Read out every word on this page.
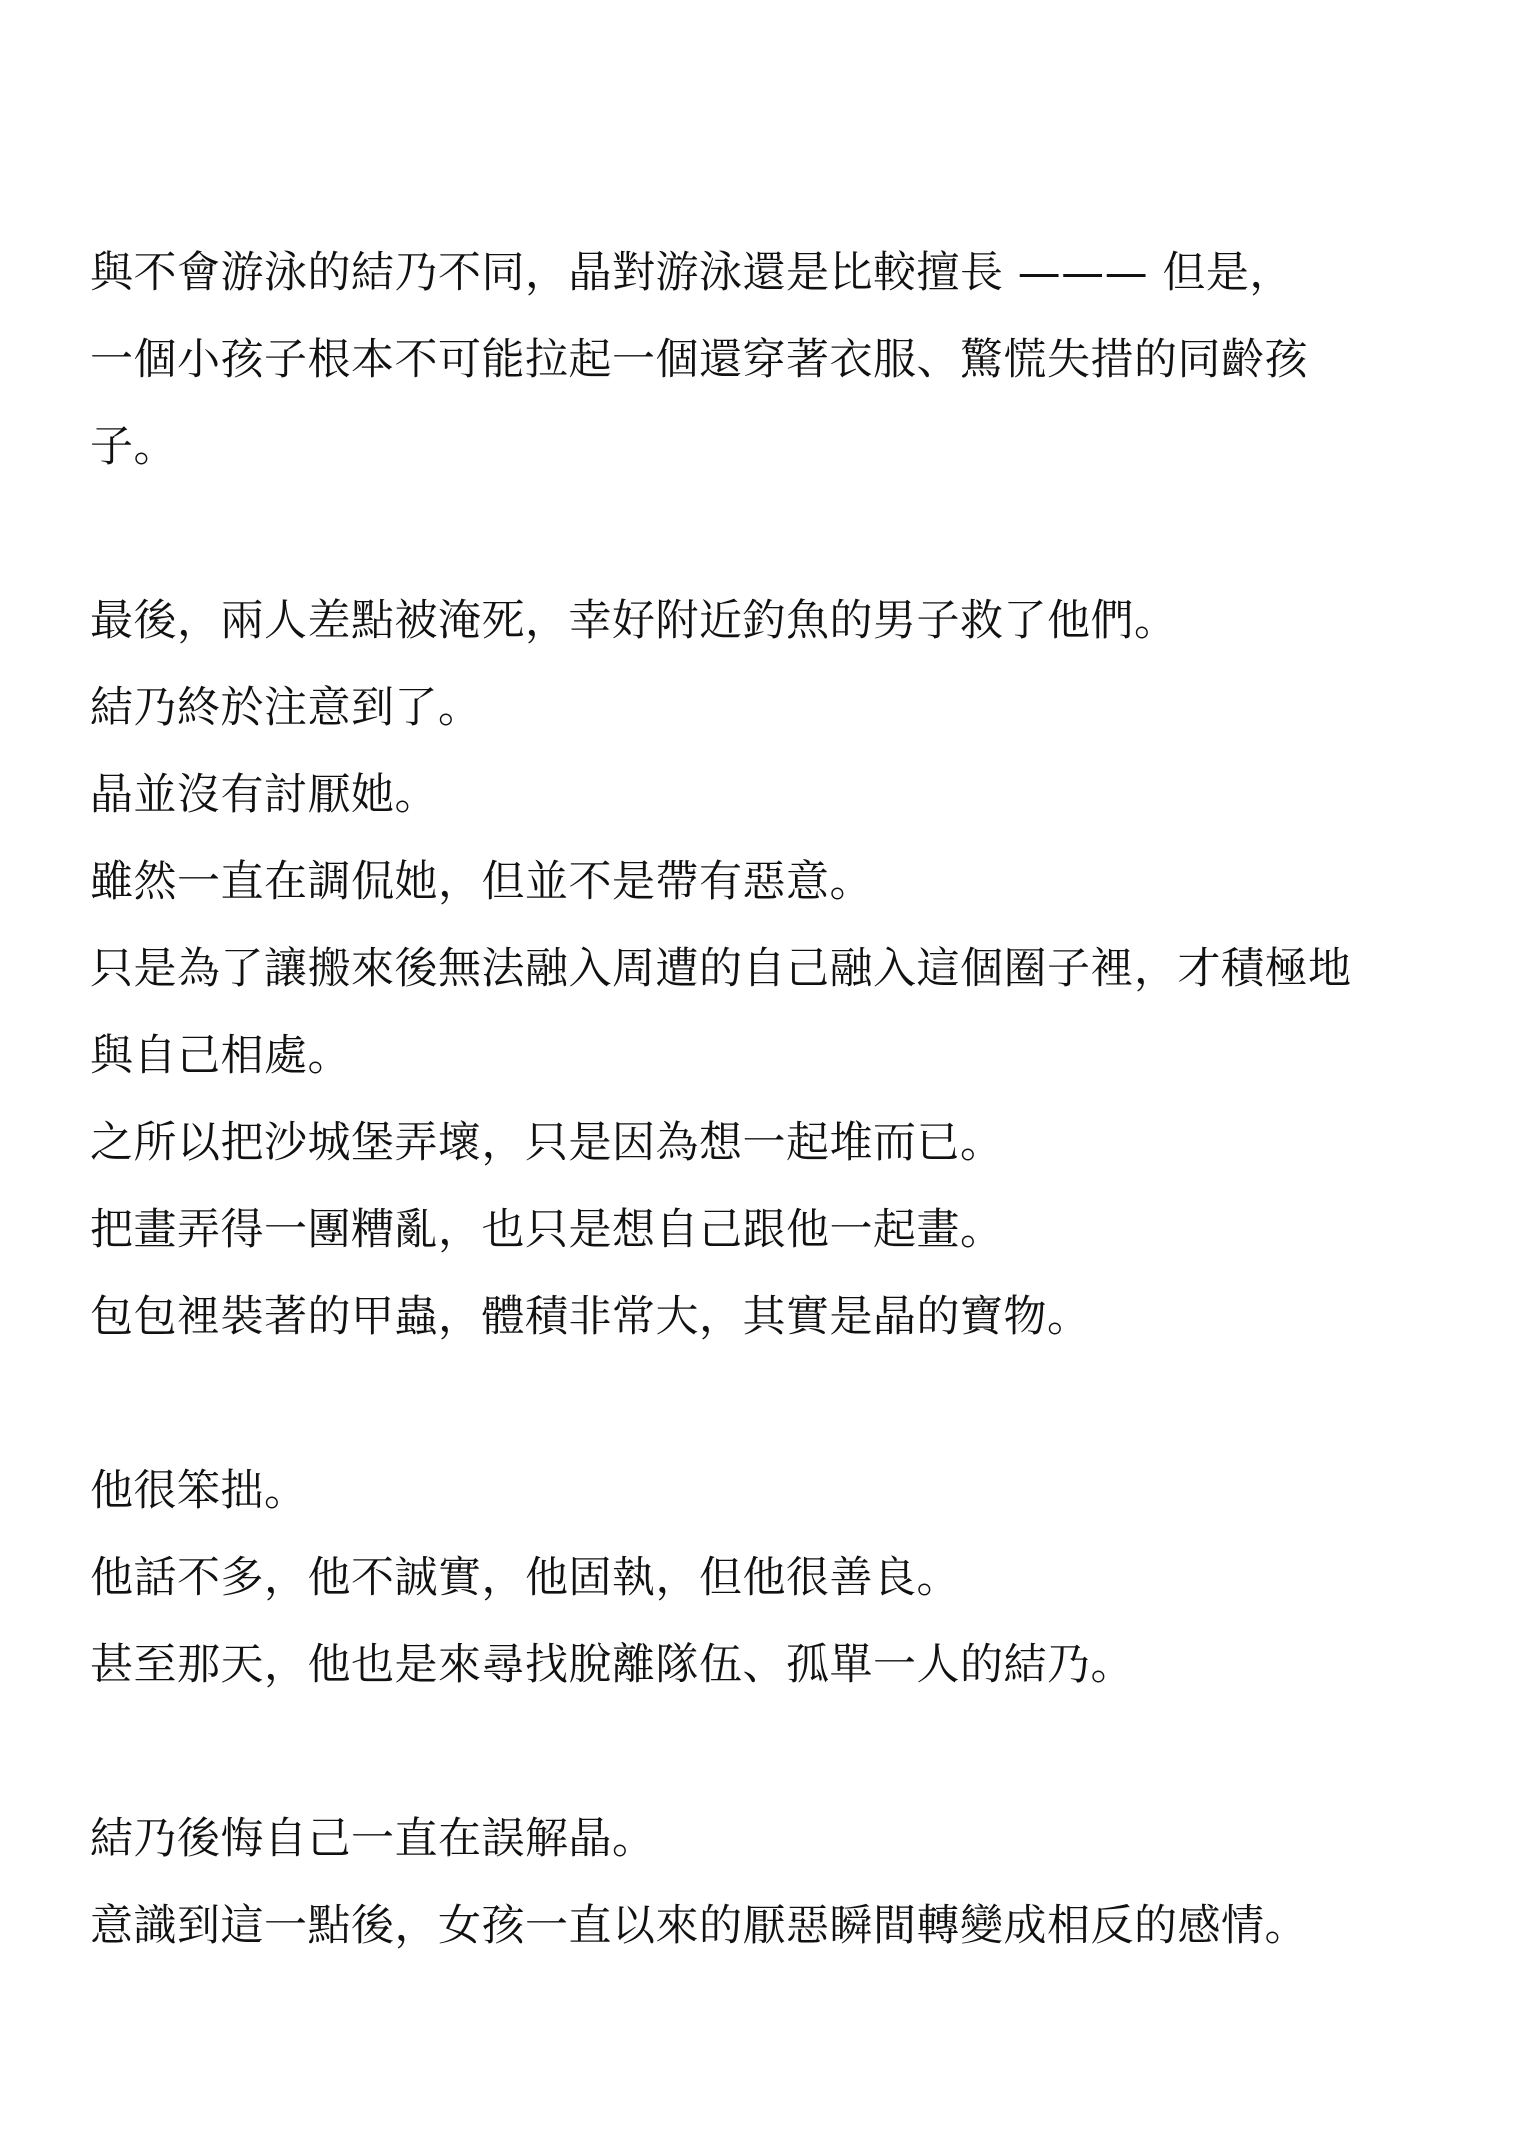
與不會游泳的結乃不同，晶對游泳還是比較擅長 ——— 但是，
一個小孩子根本不可能拉起一個還穿著衣服、驚慌失措的同齡孩
子。
最後，兩人差點被淹死，幸好附近釣魚的男子救了他們。
結乃終於注意到了。
晶並沒有討厭她。
雖然一直在調侃她，但並不是帶有惡意。
只是為了讓搬來後無法融入周遭的自己融入這個圈子裡，才積極地
與自己相處。
之所以把沙城堡弄壞，只是因為想一起堆而已。
把畫弄得一團糟亂，也只是想自己跟他一起畫。
包包裡裝著的甲蟲，體積非常大，其實是晶的寶物。
他很笨拙。
他話不多，他不誠實，他固執，但他很善良。
甚至那天，他也是來尋找脫離隊伍、孤單一人的結乃。
結乃後悔自己一直在誤解晶。
意識到這一點後，女孩一直以來的厭惡瞬間轉變成相反的感情。
